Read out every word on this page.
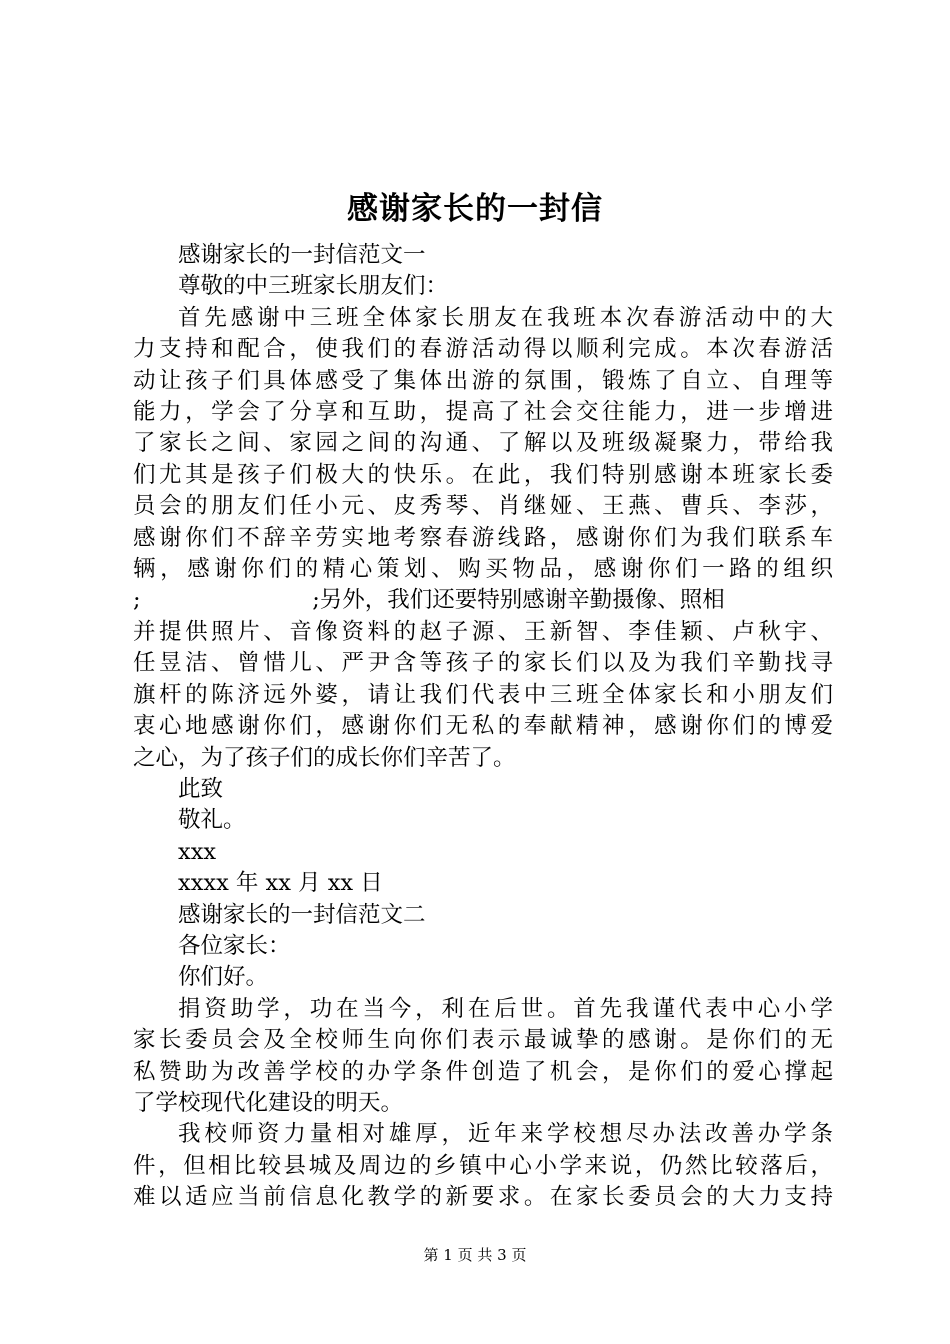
感谢家长的一封信
感谢家长的一封信范文一
尊敬的中三班家长朋友们：
首先感谢中三班全体家长朋友在我班本次春游活动中的大
力支持和配合，使我们的春游活动得以顺利完成。本次春游活
动让孩子们具体感受了集体出游的氛围，锻炼了自立、自理等
能力，学会了分享和互助，提高了社会交往能力，进一步增进
了家长之间、家园之间的沟通、了解以及班级凝聚力，带给我
们尤其是孩子们极大的快乐。在此，我们特别感谢本班家长委
员会的朋友们任小元、皮秀琴、肖继娅、王燕、曹兵、李莎，
感谢你们不辞辛劳实地考察春游线路，感谢你们为我们联系车
辆，感谢你们的精心策划、购买物品，感谢你们一路的组织
;                        ;另外，我们还要特别感谢辛勤摄像、照相
并提供照片、音像资料的赵子源、王新智、李佳颖、卢秋宇、
任昱洁、曾惜儿、严尹含等孩子的家长们以及为我们辛勤找寻
旗杆的陈济远外婆，请让我们代表中三班全体家长和小朋友们
衷心地感谢你们，感谢你们无私的奉献精神，感谢你们的博爱
之心，为了孩子们的成长你们辛苦了。
此致
敬礼。
xxx
xxxx 年 xx 月 xx 日
感谢家长的一封信范文二
各位家长：
你们好。
捐资助学，功在当今，利在后世。首先我谨代表中心小学
家长委员会及全校师生向你们表示最诚挚的感谢。是你们的无
私赞助为改善学校的办学条件创造了机会，是你们的爱心撑起
了学校现代化建设的明天。
我校师资力量相对雄厚，近年来学校想尽办法改善办学条
件，但相比较县城及周边的乡镇中心小学来说，仍然比较落后，
难以适应当前信息化教学的新要求。在家长委员会的大力支持
第 1 页 共 3 页
